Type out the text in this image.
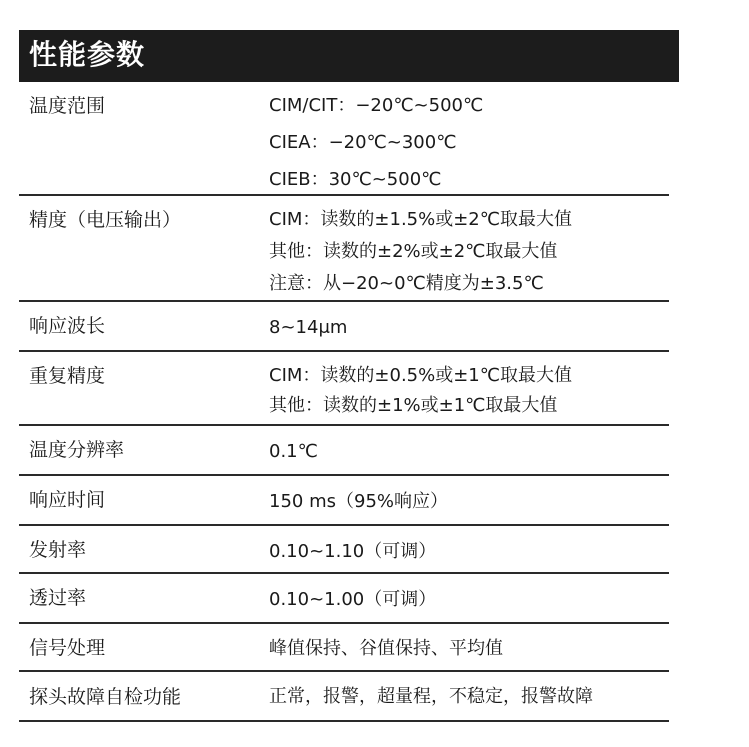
性能参数
温度范围	CIM/CIT：−20℃~500℃
CIEA：−20℃~300℃
CIEB：30℃~500℃
精度（电压输出）	CIM：读数的±1.5%或±2℃取最大值
其他：读数的±2%或±2℃取最大值
注意：从−20~0℃精度为±3.5℃
响应波长	8~14μm
重复精度	CIM：读数的±0.5%或±1℃取最大值
其他：读数的±1%或±1℃取最大值
温度分辨率	0.1℃
响应时间	150 ms（95%响应）
发射率	0.10~1.10（可调）
透过率	0.10~1.00（可调）
信号处理	峰值保持、谷值保持、平均值
探头故障自检功能	正常，报警，超量程，不稳定，报警故障
